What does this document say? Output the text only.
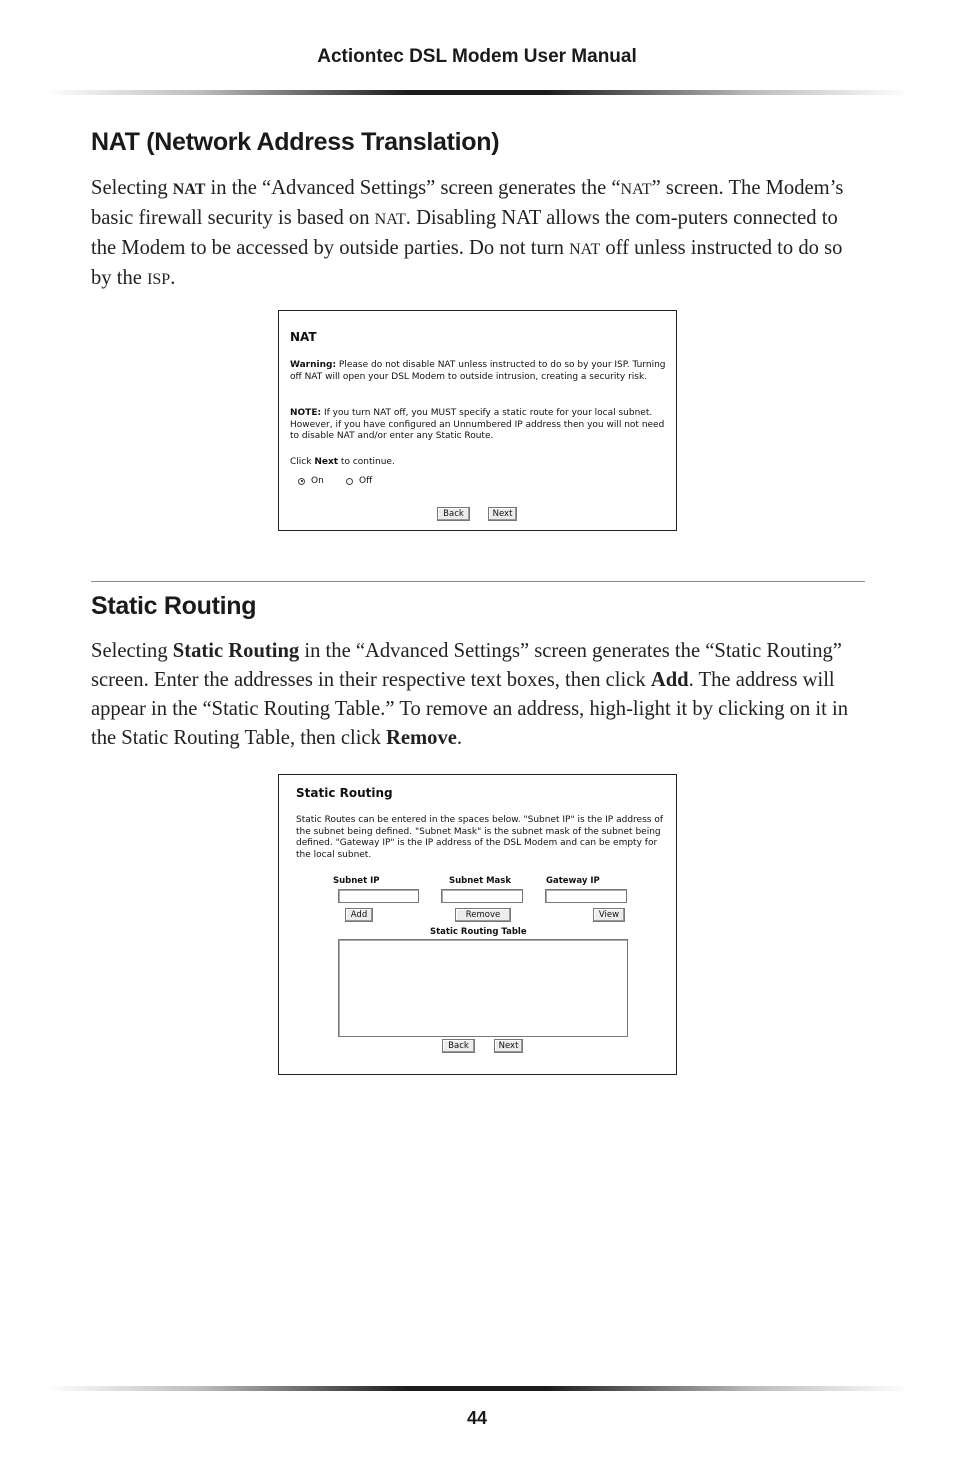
Actiontec DSL Modem User Manual
NAT (Network Address Translation)

Selecting NAT in the “Advanced Settings” screen generates the “NAT” screen. The Modem’s basic firewall security is based on NAT. Disabling NAT allows the com-puters connected to the Modem to be accessed by outside parties. Do not turn NAT off unless instructed to do so by the ISP.

NAT

Warning: Please do not disable NAT unless instructed to do so by your ISP. Turning off NAT will open your DSL Modem to outside intrusion, creating a security risk.

NOTE: If you turn NAT off, you MUST specify a static route for your local subnet. However, if you have configured an Unnumbered IP address then you will not need to disable NAT and/or enter any Static Route.

Click Next to continue.

On	Off
Back	Next
Static Routing

Selecting Static Routing in the “Advanced Settings” screen generates the “Static Routing” screen. Enter the addresses in their respective text boxes, then click Add. The address will appear in the “Static Routing Table.” To remove an address, high-light it by clicking on it in the Static Routing Table, then click Remove.

Static Routing

Static Routes can be entered in the spaces below. "Subnet IP" is the IP address of the subnet being defined. "Subnet Mask" is the subnet mask of the subnet being defined. "Gateway IP" is the IP address of the DSL Modem and can be empty for the local subnet.

Subnet IP	Subnet Mask	Gateway IP
Add	Remove	View
Static Routing Table
Back	Next
44
